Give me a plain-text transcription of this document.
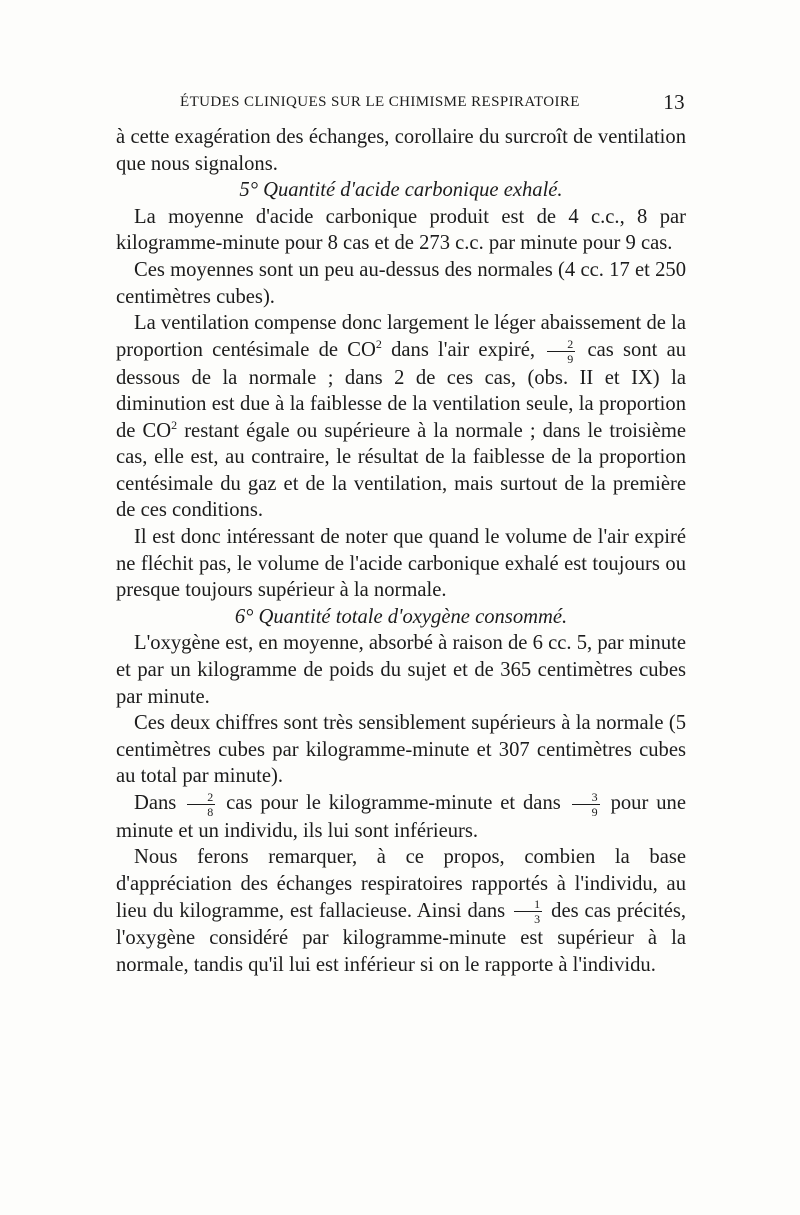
ÉTUDES CLINIQUES SUR LE CHIMISME RESPIRATOIRE	13

à cette exagération des échanges, corollaire du surcroît de ventilation que nous signalons.

5° Quantité d'acide carbonique exhalé.

La moyenne d'acide carbonique produit est de 4 c.c., 8 par kilogramme-minute pour 8 cas et de 273 c.c. par minute pour 9 cas.

Ces moyennes sont un peu au-dessus des normales (4 cc. 17 et 250 centimètres cubes).

La ventilation compense donc largement le léger abaissement de la proportion centésimale de $CO^2$ dans l'air expiré, $\frac{2}{9}$ cas sont au dessous de la normale ; dans 2 de ces cas, (obs. II et IX) la diminution est due à la faiblesse de la ventilation seule, la proportion de $CO^2$ restant égale ou supérieure à la normale ; dans le troisième cas, elle est, au contraire, le résultat de la faiblesse de la proportion centésimale du gaz et de la ventilation, mais surtout de la première de ces conditions.

Il est donc intéressant de noter que quand le volume de l'air expiré ne fléchit pas, le volume de l'acide carbonique exhalé est toujours ou presque toujours supérieur à la normale.

6° Quantité totale d'oxygène consommé.

L'oxygène est, en moyenne, absorbé à raison de 6 cc. 5, par minute et par un kilogramme de poids du sujet et de 365 centimètres cubes par minute.

Ces deux chiffres sont très sensiblement supérieurs à la normale (5 centimètres cubes par kilogramme-minute et 307 centimètres cubes au total par minute).

Dans $\frac{2}{8}$ cas pour le kilogramme-minute et dans $\frac{3}{9}$ pour une minute et un individu, ils lui sont inférieurs.

Nous ferons remarquer, à ce propos, combien la base d'appréciation des échanges respiratoires rapportés à l'individu, au lieu du kilogramme, est fallacieuse. Ainsi dans $\frac{1}{3}$ des cas précités, l'oxygène considéré par kilogramme-minute est supérieur à la normale, tandis qu'il lui est inférieur si on le rapporte à l'individu.
